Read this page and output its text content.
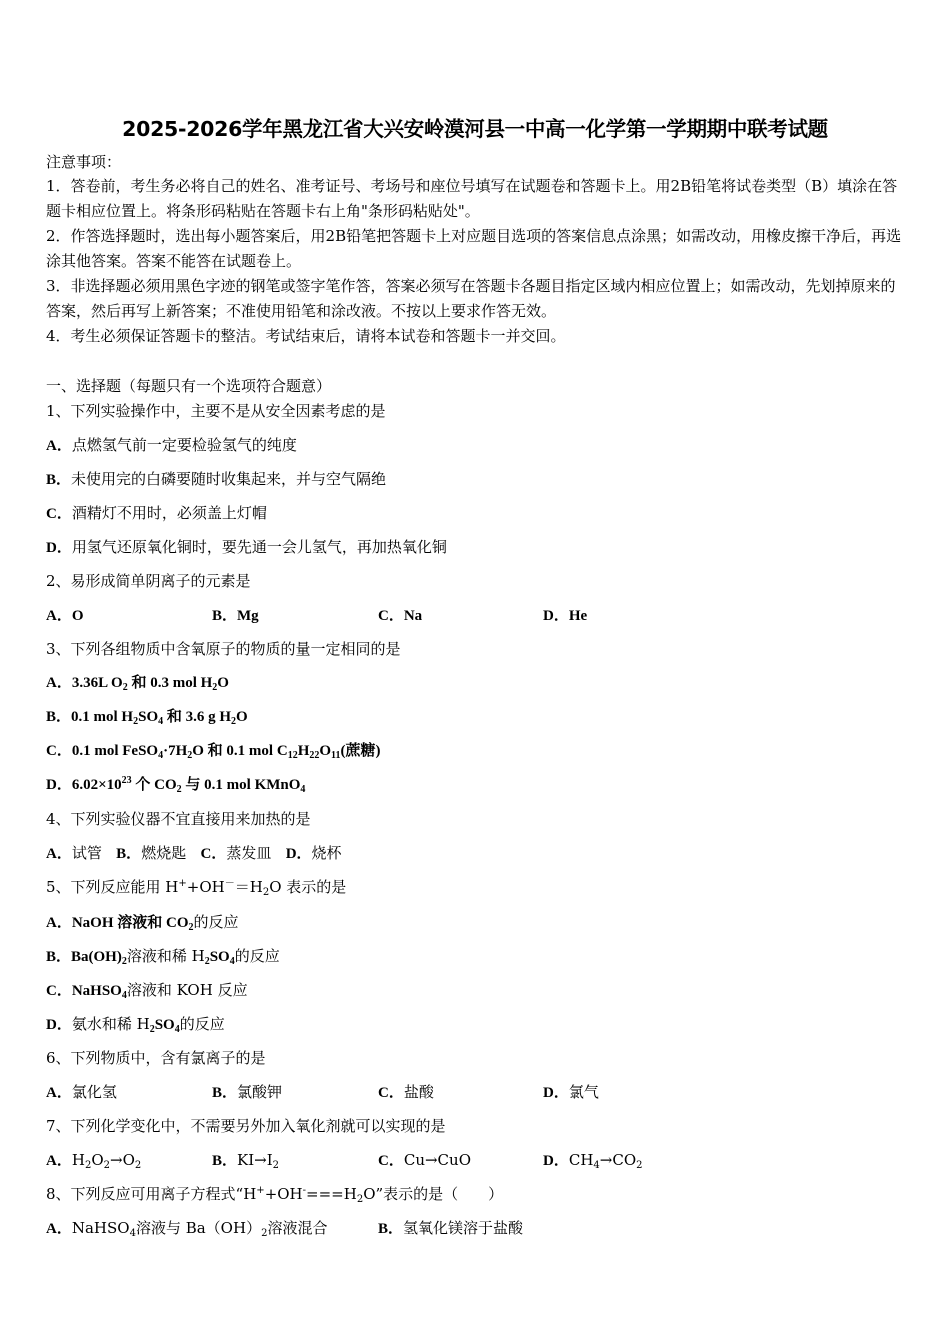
2025-2026学年黑龙江省大兴安岭漠河县一中高一化学第一学期期中联考试题
注意事项：
1．答卷前，考生务必将自己的姓名、准考证号、考场号和座位号填写在试题卷和答题卡上。用2B铅笔将试卷类型（B）填涂在答题卡相应位置上。将条形码粘贴在答题卡右上角"条形码粘贴处"。
2．作答选择题时，选出每小题答案后，用2B铅笔把答题卡上对应题目选项的答案信息点涂黑；如需改动，用橡皮擦干净后，再选涂其他答案。答案不能答在试题卷上。
3．非选择题必须用黑色字迹的钢笔或签字笔作答，答案必须写在答题卡各题目指定区域内相应位置上；如需改动，先划掉原来的答案，然后再写上新答案；不准使用铅笔和涂改液。不按以上要求作答无效。
4．考生必须保证答题卡的整洁。考试结束后，请将本试卷和答题卡一并交回。
一、选择题（每题只有一个选项符合题意）
1、下列实验操作中，主要不是从安全因素考虑的是
A．点燃氢气前一定要检验氢气的纯度
B．未使用完的白磷要随时收集起来，并与空气隔绝
C．酒精灯不用时，必须盖上灯帽
D．用氢气还原氧化铜时，要先通一会儿氢气，再加热氧化铜
2、易形成简单阴离子的元素是
A．O	B．Mg	C．Na	D．He
3、下列各组物质中含氧原子的物质的量一定相同的是
A．3.36L $O_2$ 和 0.3 mol $H_2O$
B．0.1 mol $H_2SO_4$ 和 3.6 g $H_2O$
C．0.1 mol $FeSO_4\cdot 7H_2O$ 和 0.1 mol $C_{12}H_{22}O_{11}$(蔗糖)
D．$6.02\times 10^{23}$ 个 $CO_2$ 与 0.1 mol KMnO$_4$
4、下列实验仪器不宜直接用来加热的是
A．试管 B．燃烧匙 C．蒸发皿 D．烧杯
5、下列反应能用 $H^++OH^-=H_2O$ 表示的是
A．NaOH 溶液和 $CO_2$的反应
B．$Ba(OH)_2$溶液和稀 $H_2SO_4$的反应
C．NaHSO$_4$溶液和 KOH 反应
D．氨水和稀 $H_2SO_4$的反应
6、下列物质中，含有氯离子的是
A．氯化氢	B．氯酸钾	C．盐酸	D．氯气
7、下列化学变化中，不需要另外加入氧化剂就可以实现的是
A．$H_2O_2\to O_2$	B．$KI\to I_2$	C．Cu→CuO	D．$CH_4\to CO_2$
8、下列反应可用离子方程式“$H^++OH^-===H_2O$”表示的是（　　）
A．NaHSO$_4$溶液与 $Ba(OH)_2$溶液混合	B．氢氧化镁溶于盐酸
